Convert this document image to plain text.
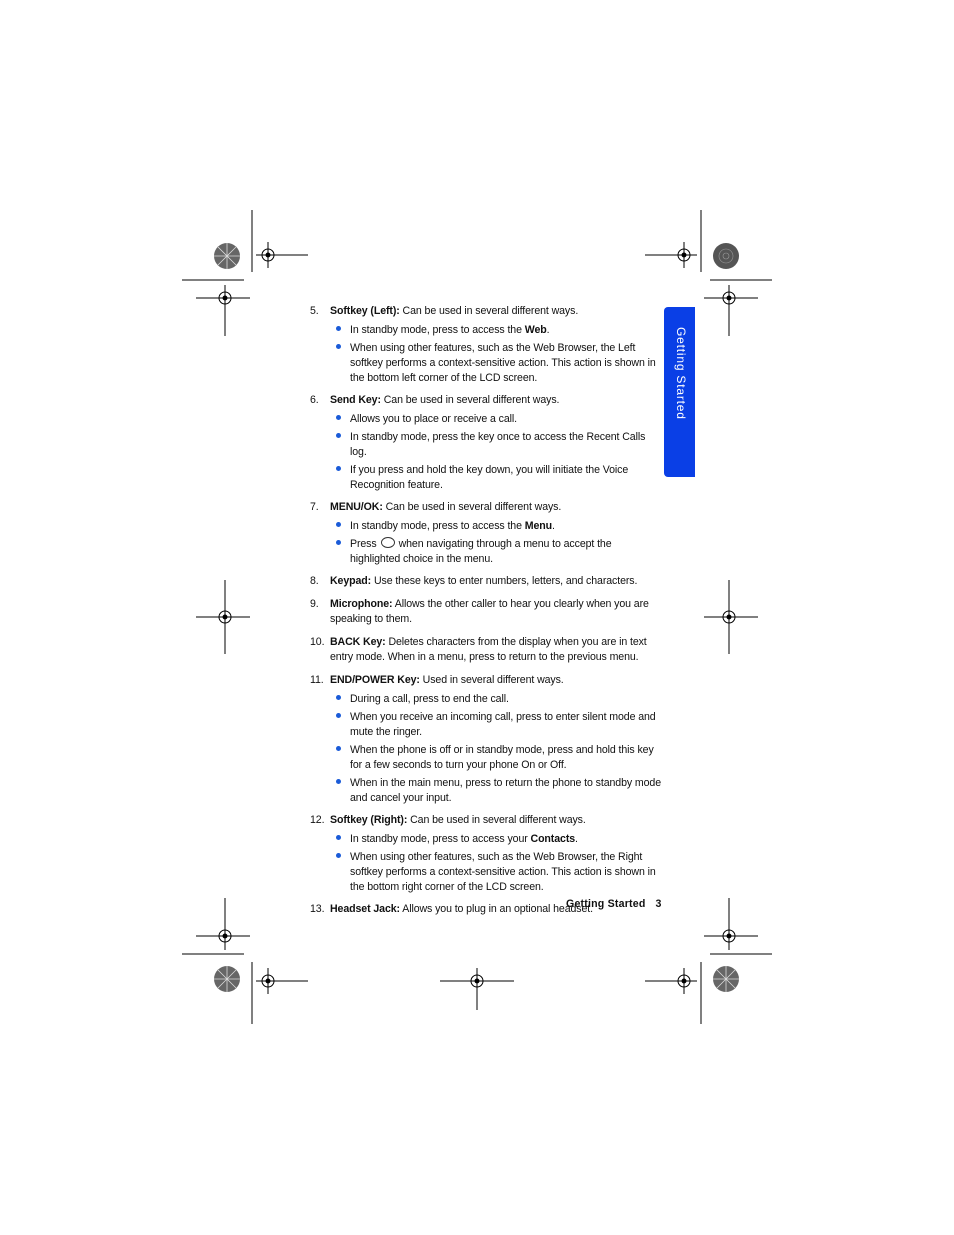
Getting Started
5. Softkey (Left): Can be used in several different ways.
In standby mode, press to access the Web.
When using other features, such as the Web Browser, the Left softkey performs a context-sensitive action. This action is shown in the bottom left corner of the LCD screen.
6. Send Key: Can be used in several different ways.
Allows you to place or receive a call.
In standby mode, press the key once to access the Recent Calls log.
If you press and hold the key down, you will initiate the Voice Recognition feature.
7. MENU/OK: Can be used in several different ways.
In standby mode, press to access the Menu.
Press when navigating through a menu to accept the highlighted choice in the menu.
8. Keypad: Use these keys to enter numbers, letters, and characters.
9. Microphone: Allows the other caller to hear you clearly when you are speaking to them.
10. BACK Key: Deletes characters from the display when you are in text entry mode. When in a menu, press to return to the previous menu.
11. END/POWER Key: Used in several different ways.
During a call, press to end the call.
When you receive an incoming call, press to enter silent mode and mute the ringer.
When the phone is off or in standby mode, press and hold this key for a few seconds to turn your phone On or Off.
When in the main menu, press to return the phone to standby mode and cancel your input.
12. Softkey (Right): Can be used in several different ways.
In standby mode, press to access your Contacts.
When using other features, such as the Web Browser, the Right softkey performs a context-sensitive action. This action is shown in the bottom right corner of the LCD screen.
13. Headset Jack: Allows you to plug in an optional headset.
Getting Started 3
